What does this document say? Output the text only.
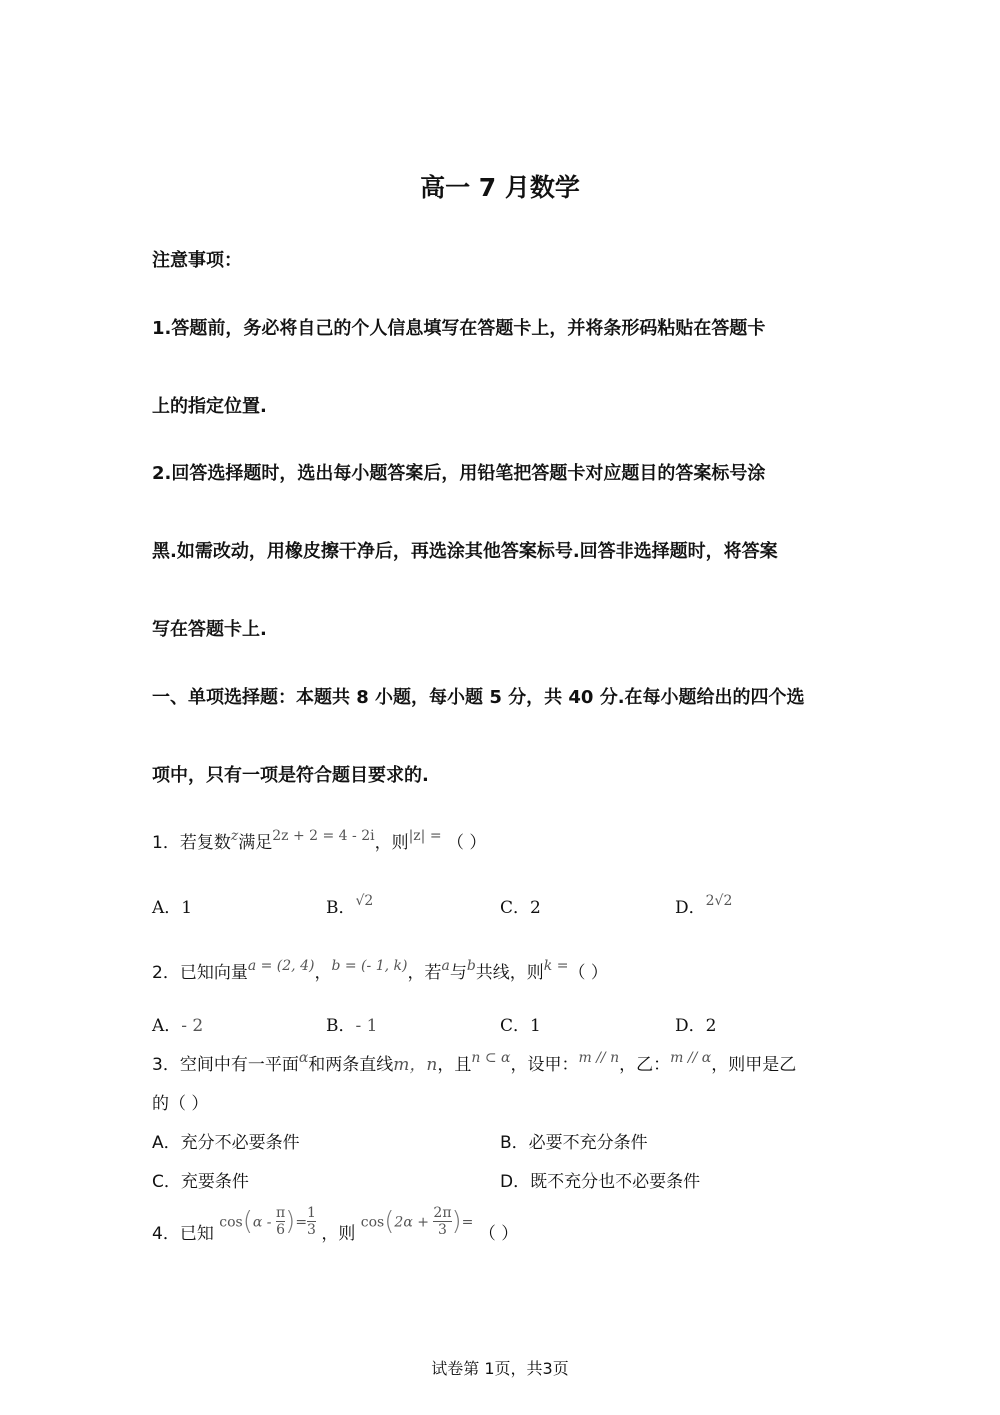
高一 7 月数学
注意事项：
1.答题前，务必将自己的个人信息填写在答题卡上，并将条形码粘贴在答题卡
上的指定位置.
2.回答选择题时，选出每小题答案后，用铅笔把答题卡对应题目的答案标号涂
黑.如需改动，用橡皮擦干净后，再选涂其他答案标号.回答非选择题时，将答案
写在答题卡上.
一、单项选择题：本题共 8 小题，每小题 5 分，共 40 分.在每小题给出的四个选
项中，只有一项是符合题目要求的.
1．若复数$^z$满足$^{2z + 2 = 4 - 2i}$，则$^{|z| =}$ （ ）
A．1	B．$^{√2}$	C．2	D．$^{2√2}$
2．已知向量$^{a = (2, 4)}$，$^{b = (- 1, k)}$，若$^a$与$^b$共线，则$^{k =}$（ ）
A．- 2	B．- 1	C．1	D．2
3．空间中有一平面$^\alpha$和两条直线m，n，且$^{n \subset \alpha}$，设甲：$^{m // n}$，乙：$^{m // \alpha}$，则甲是乙
的（ ）
A．充分不必要条件	B．必要不充分条件
C．充要条件	D．既不充分也不必要条件
4．已知 $\cos(\alpha - \frac{\pi}{6}$ )= $\frac{1}{3}$ ，则 $\cos(2\alpha + \frac{2\pi}{3}$ )= （ ）
试卷第 1页，共3页
